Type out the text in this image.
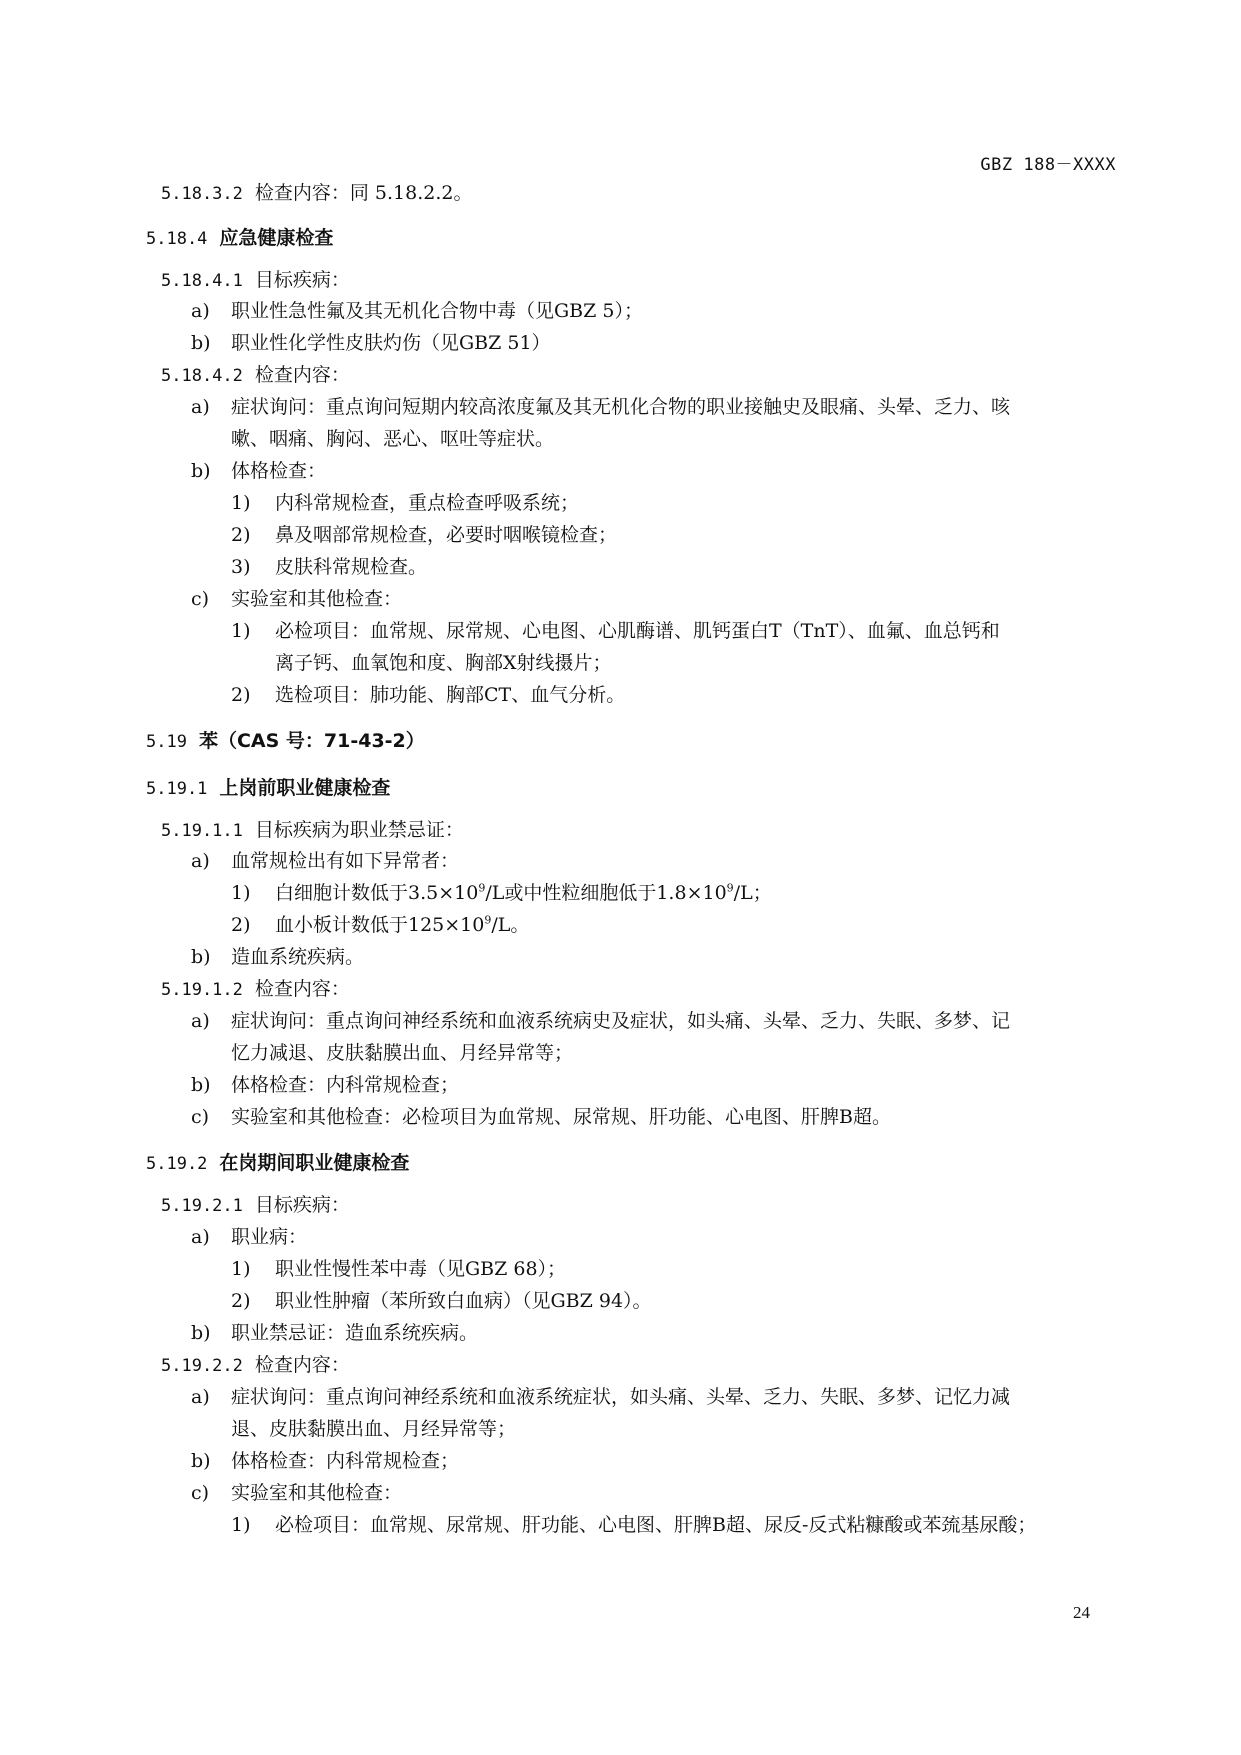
GBZ 188－XXXX
5.18.3.2 检查内容：同 5.18.2.2。
5.18.4 应急健康检查
5.18.4.1 目标疾病：
a) 职业性急性氟及其无机化合物中毒（见GBZ 5）；
b) 职业性化学性皮肤灼伤（见GBZ 51）
5.18.4.2 检查内容：
a) 症状询问：重点询问短期内较高浓度氟及其无机化合物的职业接触史及眼痛、头晕、乏力、咳
嗽、咽痛、胸闷、恶心、呕吐等症状。
b) 体格检查：
1) 内科常规检查，重点检查呼吸系统；
2) 鼻及咽部常规检查，必要时咽喉镜检查；
3) 皮肤科常规检查。
c) 实验室和其他检查：
1) 必检项目：血常规、尿常规、心电图、心肌酶谱、肌钙蛋白T（TnT）、血氟、血总钙和
离子钙、血氧饱和度、胸部X射线摄片；
2) 选检项目：肺功能、胸部CT、血气分析。
5.19 苯（CAS 号：71-43-2）
5.19.1 上岗前职业健康检查
5.19.1.1 目标疾病为职业禁忌证：
a) 血常规检出有如下异常者：
1) 白细胞计数低于$3.5\times 10^9/L$或中性粒细胞低于$1.8\times 10^9/L$；
2) 血小板计数低于$125\times 10^9/L$。
b) 造血系统疾病。
5.19.1.2 检查内容：
a) 症状询问：重点询问神经系统和血液系统病史及症状，如头痛、头晕、乏力、失眠、多梦、记
忆力减退、皮肤黏膜出血、月经异常等；
b) 体格检查：内科常规检查；
c) 实验室和其他检查：必检项目为血常规、尿常规、肝功能、心电图、肝脾B超。
5.19.2 在岗期间职业健康检查
5.19.2.1 目标疾病：
a) 职业病：
1) 职业性慢性苯中毒（见GBZ 68）；
2) 职业性肿瘤（苯所致白血病）（见GBZ 94）。
b) 职业禁忌证：造血系统疾病。
5.19.2.2 检查内容：
a) 症状询问：重点询问神经系统和血液系统症状，如头痛、头晕、乏力、失眠、多梦、记忆力减
退、皮肤黏膜出血、月经异常等；
b) 体格检查：内科常规检查；
c) 实验室和其他检查：
1) 必检项目：血常规、尿常规、肝功能、心电图、肝脾B超、尿反-反式粘糠酸或苯巯基尿酸；
24
